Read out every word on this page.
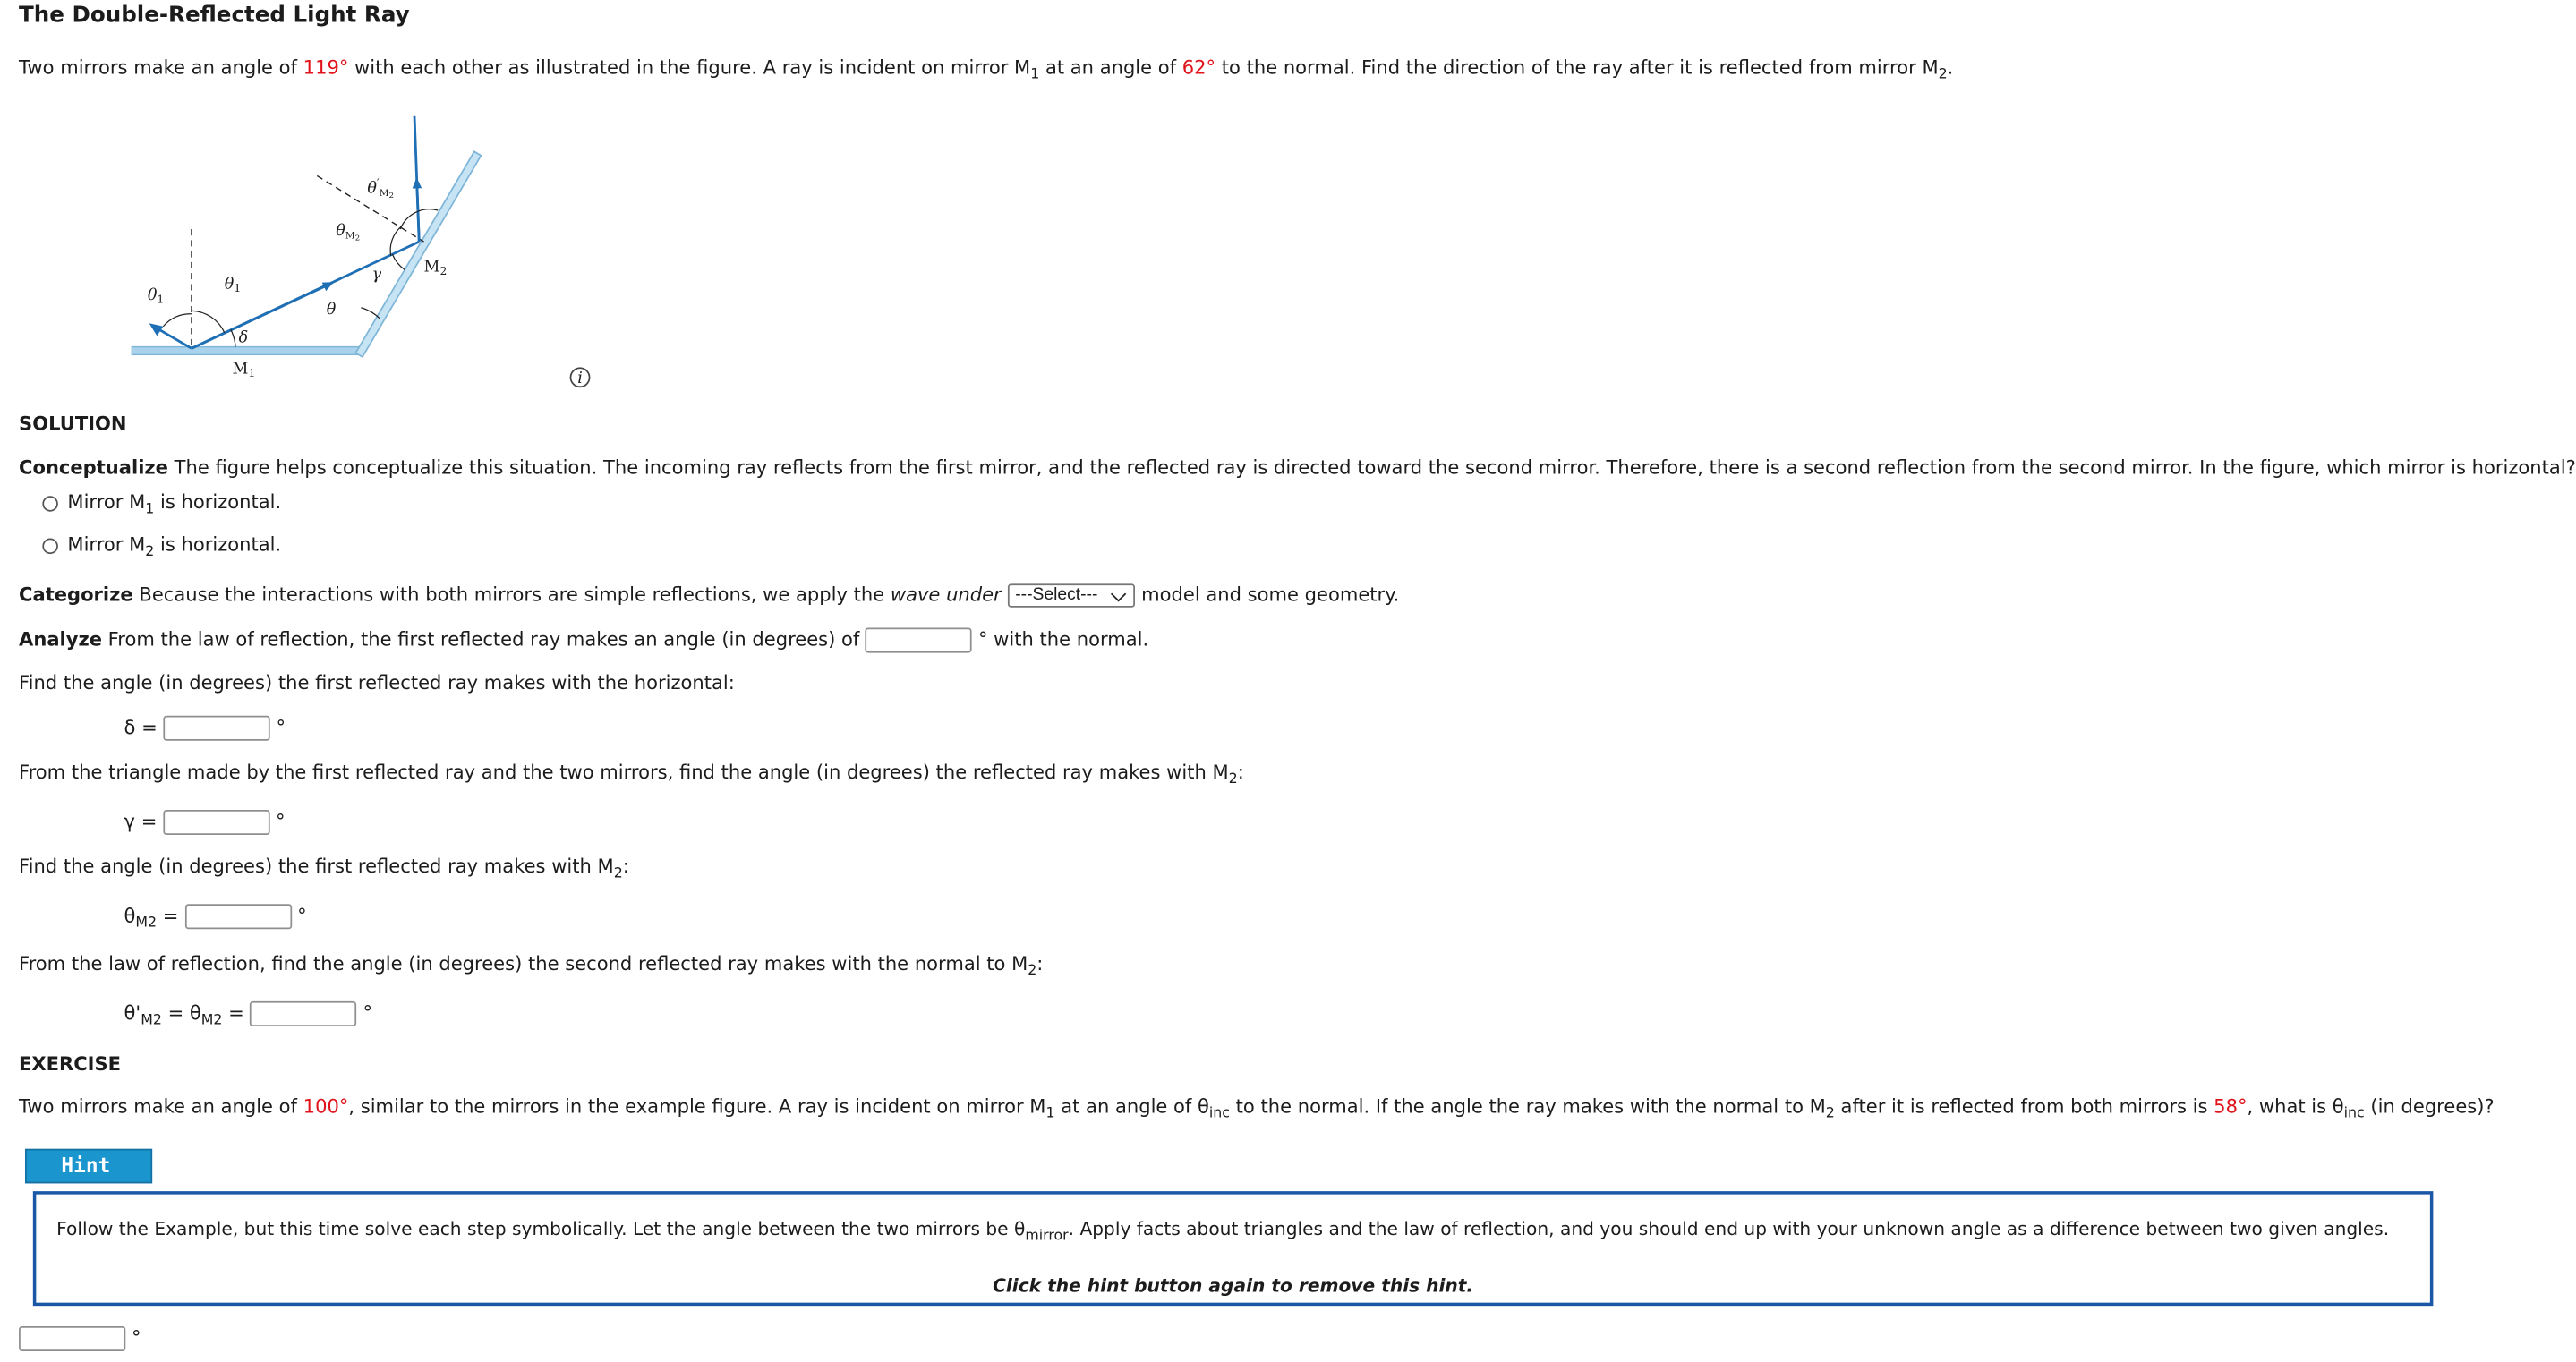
The Double-Reflected Light Ray
Two mirrors make an angle of 119° with each other as illustrated in the figure. A ray is incident on mirror $M_1$ at an angle of 62° to the normal. Find the direction of the ray after it is reflected from mirror $M_2$.
$\theta_1$
$\theta_1$
δ
$M_1$
θ
γ
$\theta_M2$
$\theta'_M2$
$M_2$
i
SOLUTION
Conceptualize The figure helps conceptualize this situation. The incoming ray reflects from the first mirror, and the reflected ray is directed toward the second mirror. Therefore, there is a second reflection from the second mirror. In the figure, which mirror is horizontal?
Mirror $M_1$ is horizontal.
Mirror $M_2$ is horizontal.
Categorize Because the interactions with both mirrors are simple reflections, we apply the wave under ---Select---	model and some geometry.
Analyze From the law of reflection, the first reflected ray makes an angle (in degrees) of	° with the normal.
Find the angle (in degrees) the first reflected ray makes with the horizontal:
δ =	°
From the triangle made by the first reflected ray and the two mirrors, find the angle (in degrees) the reflected ray makes with $M_2$:
γ =	°
Find the angle (in degrees) the first reflected ray makes with $M_2$:
$\theta_{M2}$ =	°
From the law of reflection, find the angle (in degrees) the second reflected ray makes with the normal to $M_2$:
$\theta'_{M2} = \theta_{M2}$ =	°
EXERCISE
Two mirrors make an angle of 100°, similar to the mirrors in the example figure. A ray is incident on mirror $M_1$ at an angle of $\theta_{inc}$ to the normal. If the angle the ray makes with the normal to $M_2$ after it is reflected from both mirrors is 58°, what is $\theta_{inc}$ (in degrees)?
Hint
Follow the Example, but this time solve each step symbolically. Let the angle between the two mirrors be $\theta_{mirror}$. Apply facts about triangles and the law of reflection, and you should end up with your unknown angle as a difference between two given angles.
Click the hint button again to remove this hint.
°
